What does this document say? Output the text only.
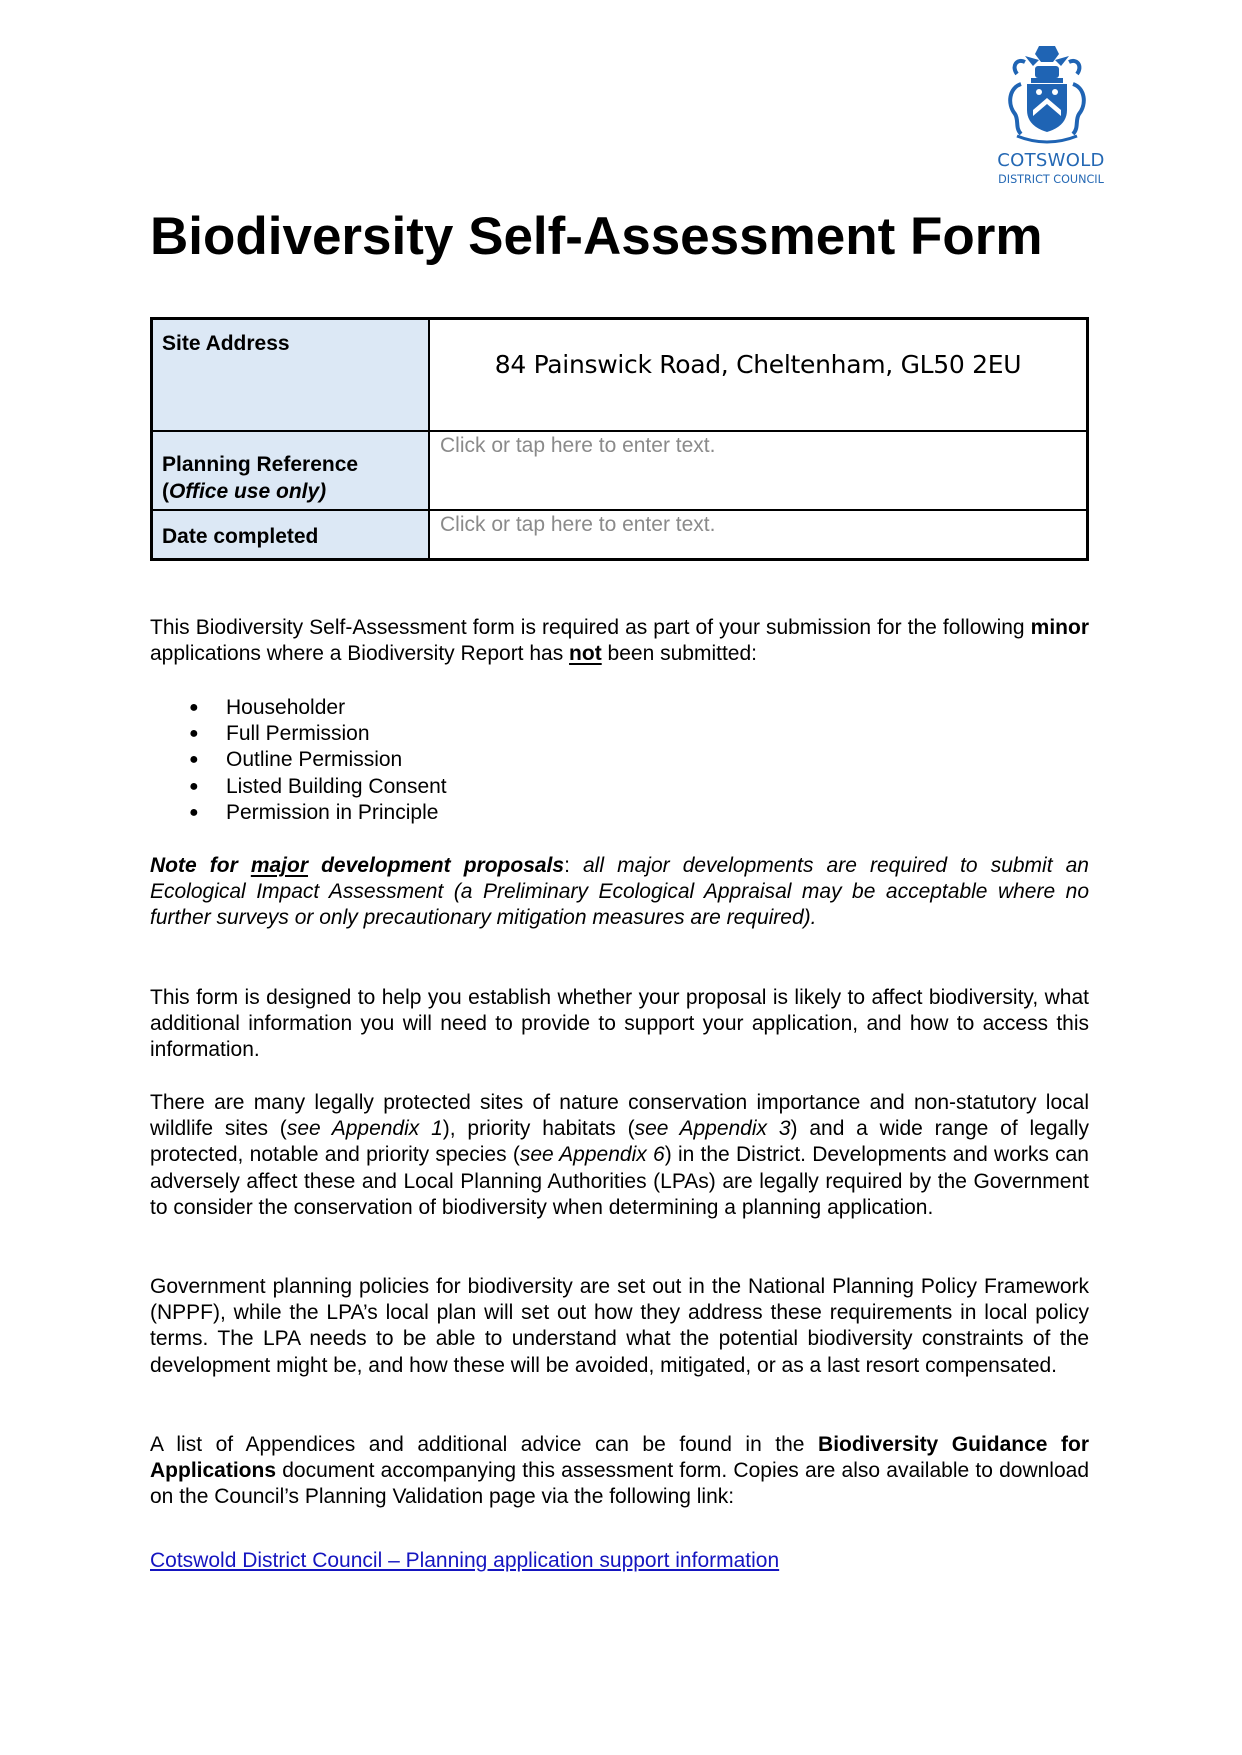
COTSWOLD
DISTRICT COUNCIL
Biodiversity Self-Assessment Form
Site Address
84 Painswick Road, Cheltenham, GL50 2EU
Planning Reference
(Office use only)
Click or tap here to enter text.
Date completed
Click or tap here to enter text.

This Biodiversity Self-Assessment form is required as part of your submission for the following minor applications where a Biodiversity Report has not been submitted:

● Householder
● Full Permission
● Outline Permission
● Listed Building Consent
● Permission in Principle

Note for major development proposals: all major developments are required to submit an Ecological Impact Assessment (a Preliminary Ecological Appraisal may be acceptable where no further surveys or only precautionary mitigation measures are required).

This form is designed to help you establish whether your proposal is likely to affect biodiversity, what additional information you will need to provide to support your application, and how to access this information.

There are many legally protected sites of nature conservation importance and non-statutory local wildlife sites (see Appendix 1), priority habitats (see Appendix 3) and a wide range of legally protected, notable and priority species (see Appendix 6) in the District. Developments and works can adversely affect these and Local Planning Authorities (LPAs) are legally required by the Government to consider the conservation of biodiversity when determining a planning application.

Government planning policies for biodiversity are set out in the National Planning Policy Framework (NPPF), while the LPA’s local plan will set out how they address these requirements in local policy terms. The LPA needs to be able to understand what the potential biodiversity constraints of the development might be, and how these will be avoided, mitigated, or as a last resort compensated.

A list of Appendices and additional advice can be found in the Biodiversity Guidance for Applications document accompanying this assessment form. Copies are also available to download on the Council’s Planning Validation page via the following link:

Cotswold District Council – Planning application support information
